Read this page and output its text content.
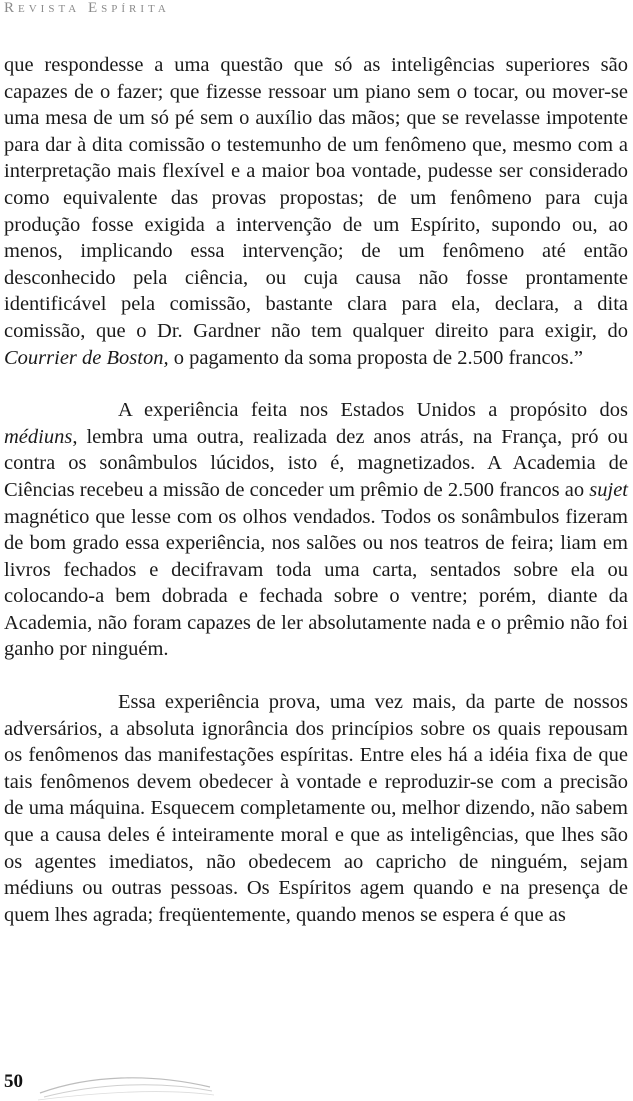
Revista Espírita

que respondesse a uma questão que só as inteligências superiores são capazes de o fazer; que fizesse ressoar um piano sem o tocar, ou mover-se uma mesa de um só pé sem o auxílio das mãos; que se revelasse impotente para dar à dita comissão o testemunho de um fenômeno que, mesmo com a interpretação mais flexível e a maior boa vontade, pudesse ser considerado como equivalente das provas propostas; de um fenômeno para cuja produção fosse exigida a intervenção de um Espírito, supondo ou, ao menos, implicando essa intervenção; de um fenômeno até então desconhecido pela ciência, ou cuja causa não fosse prontamente identificável pela comissão, bastante clara para ela, declara, a dita comissão, que o Dr. Gardner não tem qualquer direito para exigir, do Courrier de Boston, o pagamento da soma proposta de 2.500 francos.”

A experiência feita nos Estados Unidos a propósito dos médiuns, lembra uma outra, realizada dez anos atrás, na França, pró ou contra os sonâmbulos lúcidos, isto é, magnetizados. A Academia de Ciências recebeu a missão de conceder um prêmio de 2.500 francos ao sujet magnético que lesse com os olhos vendados. Todos os sonâmbulos fizeram de bom grado essa experiência, nos salões ou nos teatros de feira; liam em livros fechados e decifravam toda uma carta, sentados sobre ela ou colocando-a bem dobrada e fechada sobre o ventre; porém, diante da Academia, não foram capazes de ler absolutamente nada e o prêmio não foi ganho por ninguém.

Essa experiência prova, uma vez mais, da parte de nossos adversários, a absoluta ignorância dos princípios sobre os quais repousam os fenômenos das manifestações espíritas. Entre eles há a idéia fixa de que tais fenômenos devem obedecer à vontade e reproduzir-se com a precisão de uma máquina. Esquecem completamente ou, melhor dizendo, não sabem que a causa deles é inteiramente moral e que as inteligências, que lhes são os agentes imediatos, não obedecem ao capricho de ninguém, sejam médiuns ou outras pessoas. Os Espíritos agem quando e na presença de quem lhes agrada; freqüentemente, quando menos se espera é que as

50
